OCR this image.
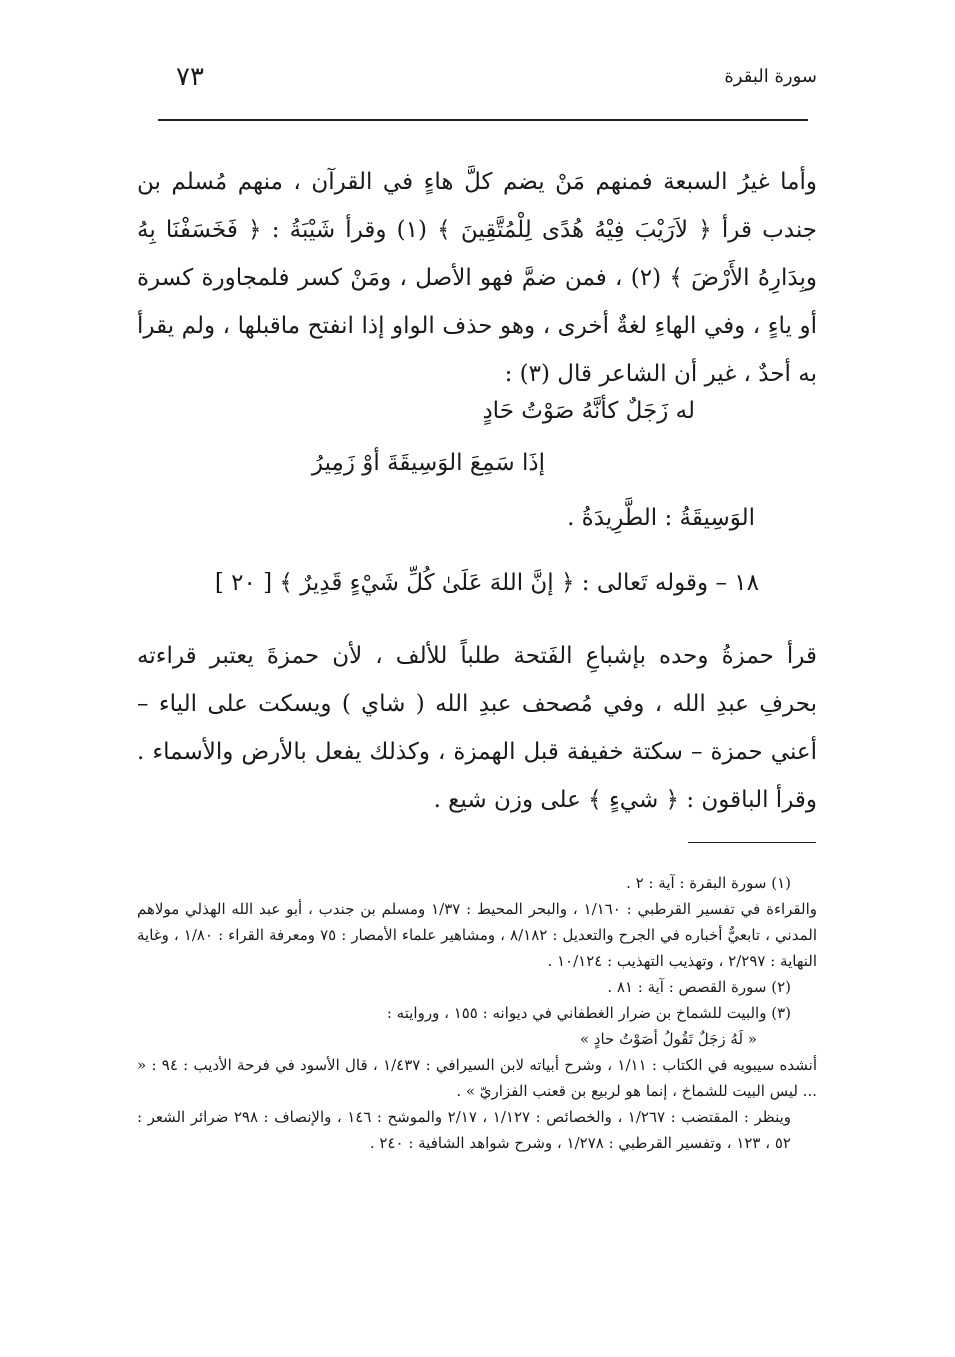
سورة البقرة
٧٣

وأما غيرُ السبعة فمنهم مَنْ يضم كلَّ هاءٍ في القرآن ، منهم مُسلم بن جندب قرأ ﴿ لاَرَيْبَ فِيْهُ هُدًى لِلْمُتَّقِينَ ﴾ (١) وقرأ شَيْبَةُ : ﴿ فَخَسَفْنَا بِهُ وبِدَارِهُ الأَرْضَ ﴾ (٢) ، فمن ضمَّ فهو الأصل ، ومَنْ كسر فلمجاورة كسرة أو ياءٍ ، وفي الهاءِ لغةٌ أخرى ، وهو حذف الواو إذا انفتح ماقبلها ، ولم يقرأ به أحدٌ ، غير أن الشاعر قال (٣) :

له زَجَلٌ كأنَّهُ صَوْتُ حَادٍ
إذَا سَمِعَ الوَسِيقَةَ أوْ زَمِيرُ
الوَسِيقَةُ : الطَّرِيدَةُ .
١٨ – وقوله تَعالى : ﴿ إنَّ اللهَ عَلَىٰ كُلِّ شَيْءٍ قَدِيرٌ ﴾ [ ٢٠ ]

قرأ حمزةُ وحده بإشباعِ الفَتحة طلباً للألف ، لأن حمزةَ يعتبر قراءته بحرفِ عبدِ الله ، وفي مُصحف عبدِ الله ( شاي ) ويسكت على الياء – أعني حمزة – سكتة خفيفة قبل الهمزة ، وكذلك يفعل بالأرض والأسماء . وقرأ الباقون : ﴿ شيءٍ ﴾ على وزن شيع .

(١) سورة البقرة : آية : ٢ .

والقراءة في تفسير القرطبي : ١/١٦٠ ، والبحر المحيط : ١/٣٧ ومسلم بن جندب ، أبو عبد الله الهذلي مولاهم المدني ، تابعيٌّ أخباره في الجرح والتعديل : ٨/١٨٢ ، ومشاهير علماء الأمصار : ٧٥ ومعرفة القراء : ١/٨٠ ، وغاية النهاية : ٢/٢٩٧ ، وتهذيب التهذيب : ١٠/١٢٤ .

(٢) سورة القصص : آية : ٨١ .

(٣) والبيت للشماخ بن ضرار الغطفاني في ديوانه : ١٥٥ ، وروايته :

« لَهُ زجَلٌ تَقُولُ أصَوْتُ حادٍ »

أنشده سيبويه في الكتاب : ١/١١ ، وشرح أبياته لابن السيرافي : ١/٤٣٧ ، قال الأسود في فرحة الأديب : ٩٤ : « ... ليس البيت للشماخ ، إنما هو لربيع بن قعنب الفزاريّ » .

وينظر : المقتضب : ١/٢٦٧ ، والخصائص : ١/١٢٧ ، ٢/١٧ والموشح : ١٤٦ ، والإنصاف : ٢٩٨ ضرائر الشعر : ٥٢ ، ١٢٣ ، وتفسير القرطبي : ١/٢٧٨ ، وشرح شواهد الشافية : ٢٤٠ .
